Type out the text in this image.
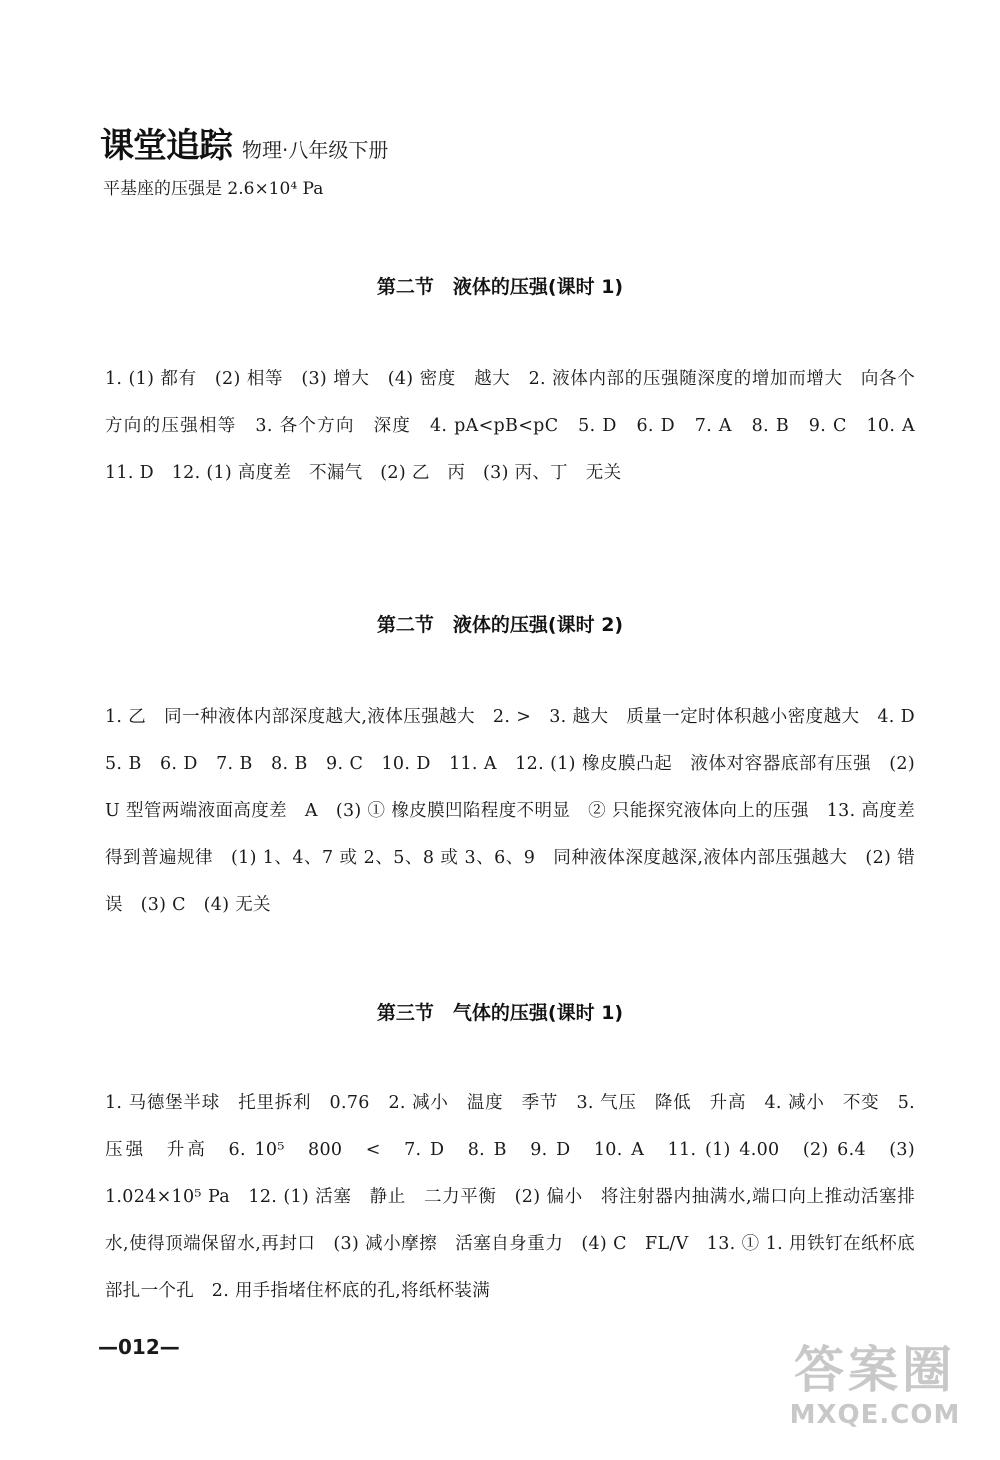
课堂追踪 物理·八年级下册
平基座的压强是 2.6×10⁴ Pa
第二节　液体的压强(课时 1)
1. (1) 都有　(2) 相等　(3) 增大　(4) 密度　越大　2. 液体内部的压强随深度的增加而增大　向各个方向的压强相等　3. 各个方向　深度　4. pA<pB<pC　5. D　6. D　7. A　8. B　9. C　10. A　11. D　12. (1) 高度差　不漏气　(2) 乙　丙　(3) 丙、丁　无关
第二节　液体的压强(课时 2)
1. 乙　同一种液体内部深度越大,液体压强越大　2. >　3. 越大　质量一定时体积越小密度越大　4. D　5. B　6. D　7. B　8. B　9. C　10. D　11. A　12. (1) 橡皮膜凸起　液体对容器底部有压强　(2) U 型管两端液面高度差　A　(3) ① 橡皮膜凹陷程度不明显　② 只能探究液体向上的压强　13. 高度差　得到普遍规律　(1) 1、4、7 或 2、5、8 或 3、6、9　同种液体深度越深,液体内部压强越大　(2) 错误　(3) C　(4) 无关
第三节　气体的压强(课时 1)
1. 马德堡半球　托里拆利　0.76　2. 减小　温度　季节　3. 气压　降低　升高　4. 减小　不变　5. 压强　升高　6. 10⁵　800　<　7. D　8. B　9. D　10. A　11. (1) 4.00　(2) 6.4　(3) 1.024×10⁵ Pa　12. (1) 活塞　静止　二力平衡　(2) 偏小　将注射器内抽满水,端口向上推动活塞排水,使得顶端保留水,再封口　(3) 减小摩擦　活塞自身重力　(4) C　FL/V　13. ① 1. 用铁钉在纸杯底部扎一个孔　2. 用手指堵住杯底的孔,将纸杯装满
—012—	答案圈
MXQE.COM
